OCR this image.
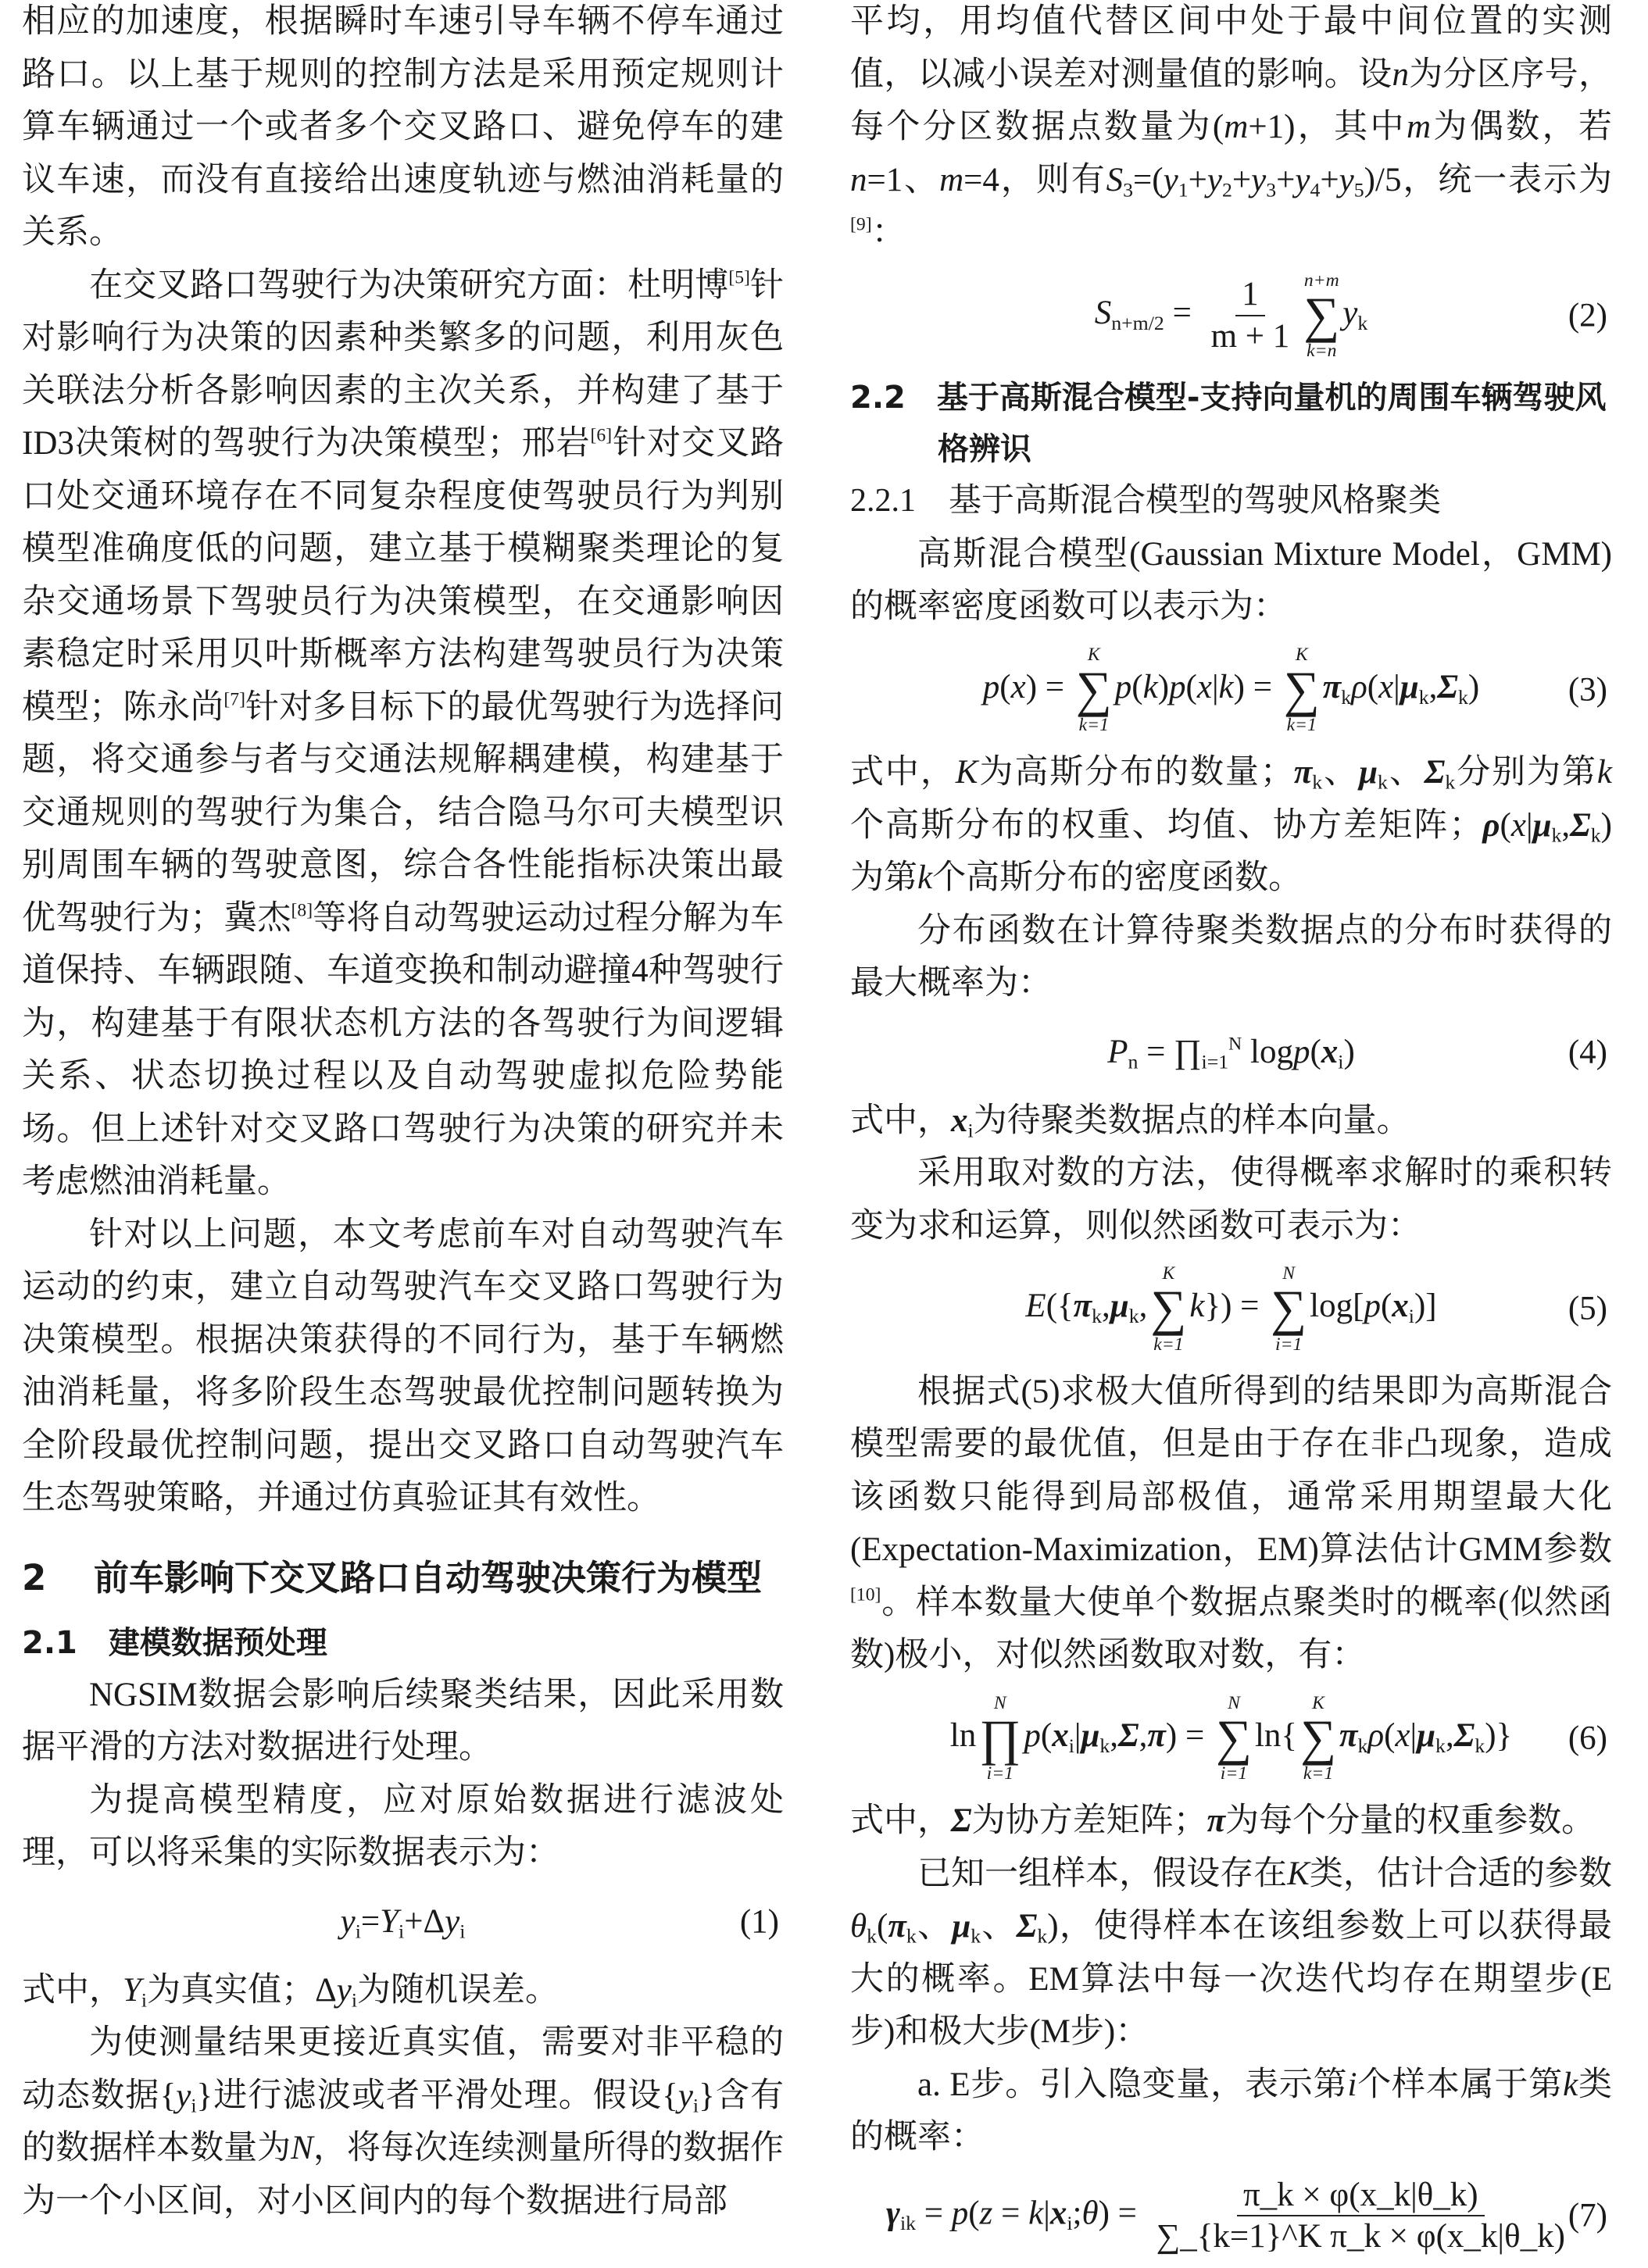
相应的加速度，根据瞬时车速引导车辆不停车通过路口。以上基于规则的控制方法是采用预定规则计算车辆通过一个或者多个交叉路口、避免停车的建议车速，而没有直接给出速度轨迹与燃油消耗量的关系。
在交叉路口驾驶行为决策研究方面：杜明博[5]针对影响行为决策的因素种类繁多的问题，利用灰色关联法分析各影响因素的主次关系，并构建了基于ID3决策树的驾驶行为决策模型；邢岩[6]针对交叉路口处交通环境存在不同复杂程度使驾驶员行为判别模型准确度低的问题，建立基于模糊聚类理论的复杂交通场景下驾驶员行为决策模型，在交通影响因素稳定时采用贝叶斯概率方法构建驾驶员行为决策模型；陈永尚[7]针对多目标下的最优驾驶行为选择问题，将交通参与者与交通法规解耦建模，构建基于交通规则的驾驶行为集合，结合隐马尔可夫模型识别周围车辆的驾驶意图，综合各性能指标决策出最优驾驶行为；冀杰[8]等将自动驾驶运动过程分解为车道保持、车辆跟随、车道变换和制动避撞4种驾驶行为，构建基于有限状态机方法的各驾驶行为间逻辑关系、状态切换过程以及自动驾驶虚拟危险势能场。但上述针对交叉路口驾驶行为决策的研究并未考虑燃油消耗量。
针对以上问题，本文考虑前车对自动驾驶汽车运动的约束，建立自动驾驶汽车交叉路口驾驶行为决策模型。根据决策获得的不同行为，基于车辆燃油消耗量，将多阶段生态驾驶最优控制问题转换为全阶段最优控制问题，提出交叉路口自动驾驶汽车生态驾驶策略，并通过仿真验证其有效性。
2　 前车影响下交叉路口自动驾驶决策行为模型
2.1　建模数据预处理
NGSIM数据会影响后续聚类结果，因此采用数据平滑的方法对数据进行处理。
为提高模型精度，应对原始数据进行滤波处理，可以将采集的实际数据表示为：
$y_i=Y_i+\Delta y_i$	(1)
式中，$Y_i$为真实值；$\Delta y_i$为随机误差。
为使测量结果更接近真实值，需要对非平稳的动态数据$\{y_i\}$进行滤波或者平滑处理。假设$\{y_i\}$含有的数据样本数量为N，将每次连续测量所得的数据作为一个小区间，对小区间内的每个数据进行局部
平均，用均值代替区间中处于最中间位置的实测值，以减小误差对测量值的影响。设n为分区序号，每个分区数据点数量为(m+1)，其中m为偶数，若n=1、m=4，则有$S_3=(y_1+y_2+y_3+y_4+y_5)/5$，统一表示为[9]：
$S_{n+m/2} = \frac{1}{m + 1} n+m$
∑
k=n
$y_k$	(2)
2.2　基于高斯混合模型-支持向量机的周围车辆驾驶风格辨识
2.2.1　基于高斯混合模型的驾驶风格聚类
高斯混合模型(Gaussian Mixture Model，GMM)的概率密度函数可以表示为：
p(x) =
K
∑
k=1
p(k)p(x|k) =
K
∑
k=1
$\pi_k\rho(x|\mu_k,\Sigma_k)$	(3)
式中，K为高斯分布的数量；$\pi_k$、$\mu_k$、$\Sigma_k$分别为第k个高斯分布的权重、均值、协方差矩阵；$\rho(x|\mu_k,\Sigma_k)$为第k个高斯分布的密度函数。
分布函数在计算待聚类数据点的分布时获得的最大概率为：
$P_n$ = $\prod_{i=1}^N$ $\log p(x_i)$	(4)
式中，$x_i$为待聚类数据点的样本向量。
采用取对数的方法，使得概率求解时的乘积转变为求和运算，则似然函数可表示为：
$E(\{\pi_k,\mu_k$,
K
∑
k=1
k}) =
N
∑
i=1
$\log[p(x_i)]$	(5)
根据式(5)求极大值所得到的结果即为高斯混合模型需要的最优值，但是由于存在非凸现象，造成该函数只能得到局部极值，通常采用期望最大化(Expectation-Maximization，EM)算法估计GMM参数[10]。样本数量大使单个数据点聚类时的概率(似然函数)极小，对似然函数取对数，有：
ln
N
∏
i=1
$p(x_i|\mu_k,\Sigma,\pi)$ =
N
∑
i=1
ln{
K
∑
k=1
$\pi_k\rho(x|\mu_k,\Sigma_k)$} (6)
式中，Σ为协方差矩阵；π为每个分量的权重参数。
已知一组样本，假设存在K类，估计合适的参数$\theta_k(\pi_k$、$\mu_k$、$\Sigma_k$)，使得样本在该组参数上可以获得最大的概率。EM算法中每一次迭代均存在期望步(E步)和极大步(M步)：
a. E步。引入隐变量，表示第i个样本属于第k类的概率：
$\gamma_{ik} = p(z$ = $k|x_i;\theta) = \frac{\pi\_k \times \varphi(x\_k|\theta\_k)}{\text{∑\_\{k=1\}\textasciicircum{}K π\_k × φ(x\_k|θ\_k)}}$
(7)
